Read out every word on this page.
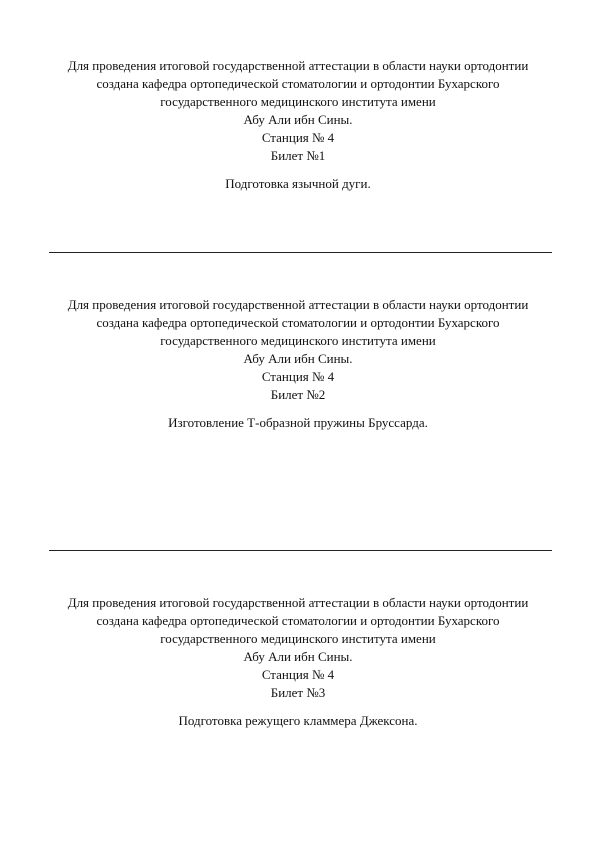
Для проведения итоговой государственной аттестации в области науки ортодонтии
создана кафедра ортопедической стоматологии и ортодонтии Бухарского
государственного медицинского института имени
Абу Али ибн Сины.
Станция № 4
Билет №1
Подготовка язычной дуги.
Для проведения итоговой государственной аттестации в области науки ортодонтии
создана кафедра ортопедической стоматологии и ортодонтии Бухарского
государственного медицинского института имени
Абу Али ибн Сины.
Станция № 4
Билет №2
Изготовление Т-образной пружины Бруссарда.
Для проведения итоговой государственной аттестации в области науки ортодонтии
создана кафедра ортопедической стоматологии и ортодонтии Бухарского
государственного медицинского института имени
Абу Али ибн Сины.
Станция № 4
Билет №3
Подготовка режущего кламмера Джексона.
